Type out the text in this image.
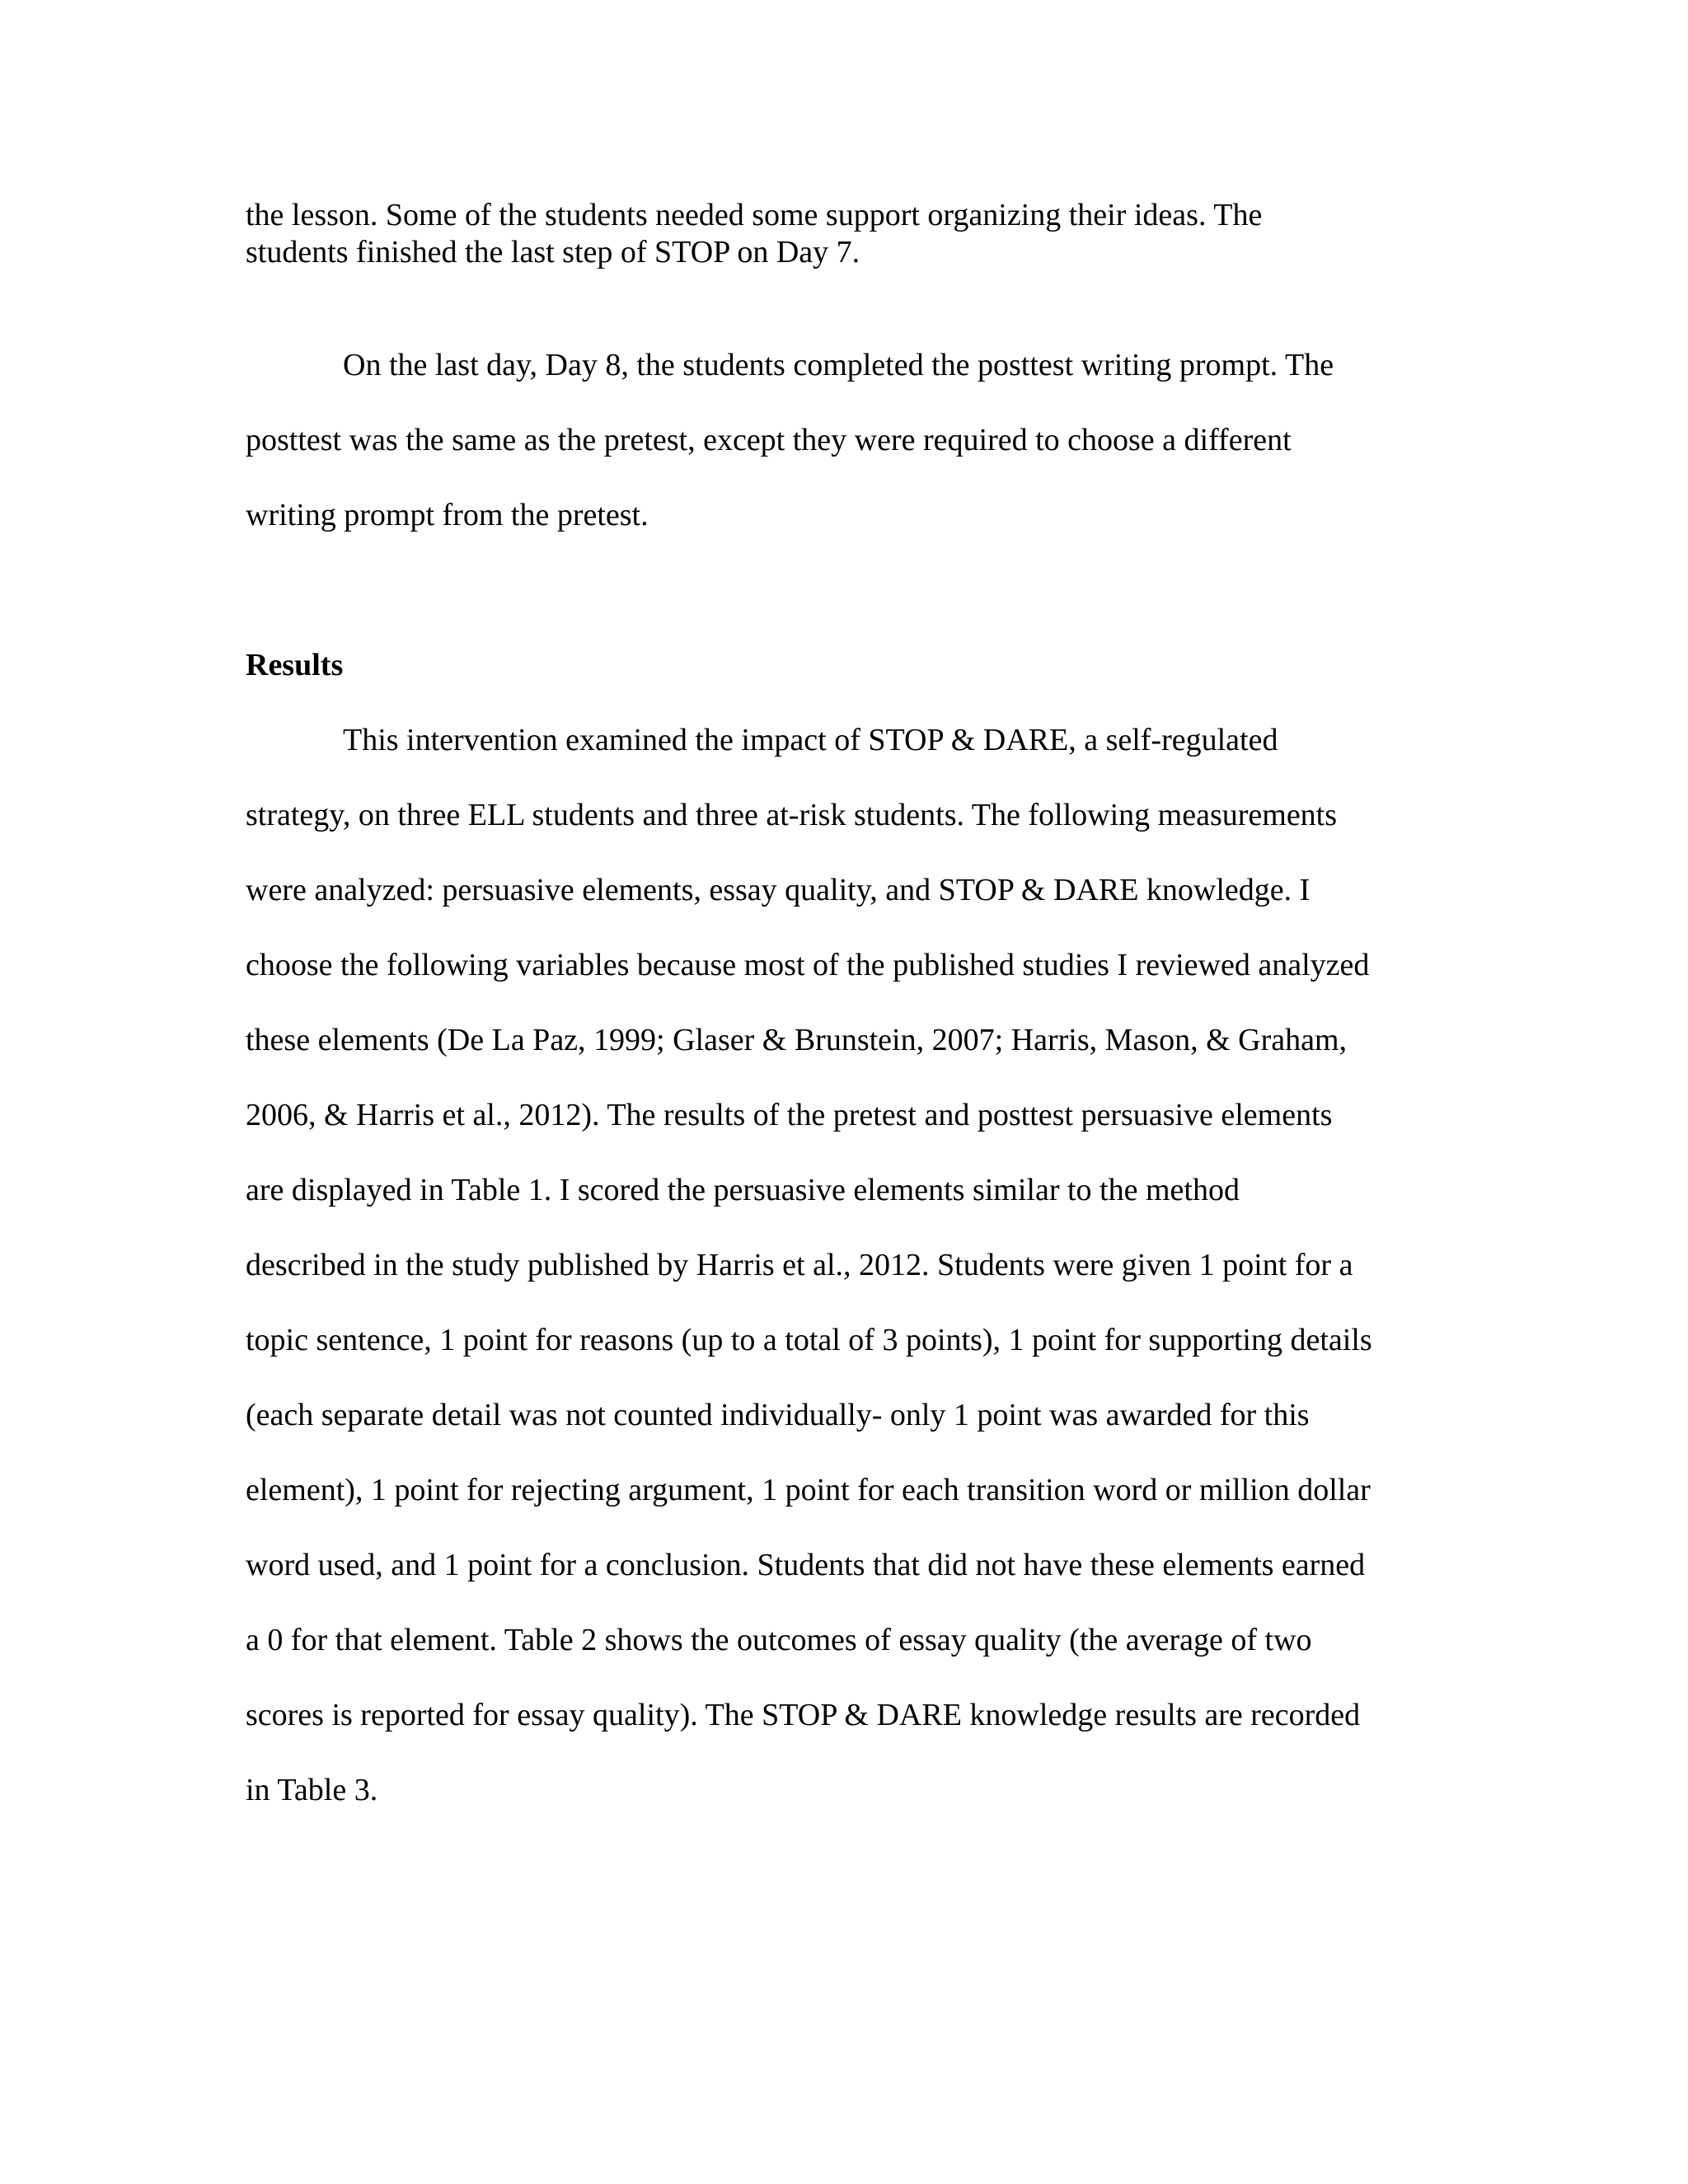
the lesson. Some of the students needed some support organizing their ideas. The

students finished the last step of STOP on Day 7.

On the last day, Day 8, the students completed the posttest writing prompt. The

posttest was the same as the pretest, except they were required to choose a different

writing prompt from the pretest.

Results

This intervention examined the impact of STOP & DARE, a self-regulated

strategy, on three ELL students and three at-risk students. The following measurements

were analyzed: persuasive elements, essay quality, and STOP & DARE knowledge. I

choose the following variables because most of the published studies I reviewed analyzed

these elements (De La Paz, 1999; Glaser & Brunstein, 2007; Harris, Mason, & Graham,

2006, & Harris et al., 2012). The results of the pretest and posttest persuasive elements

are displayed in Table 1. I scored the persuasive elements similar to the method

described in the study published by Harris et al., 2012. Students were given 1 point for a

topic sentence, 1 point for reasons (up to a total of 3 points), 1 point for supporting details

(each separate detail was not counted individually- only 1 point was awarded for this

element), 1 point for rejecting argument, 1 point for each transition word or million dollar

word used, and 1 point for a conclusion. Students that did not have these elements earned

a 0 for that element. Table 2 shows the outcomes of essay quality (the average of two

scores is reported for essay quality). The STOP & DARE knowledge results are recorded

in Table 3.
